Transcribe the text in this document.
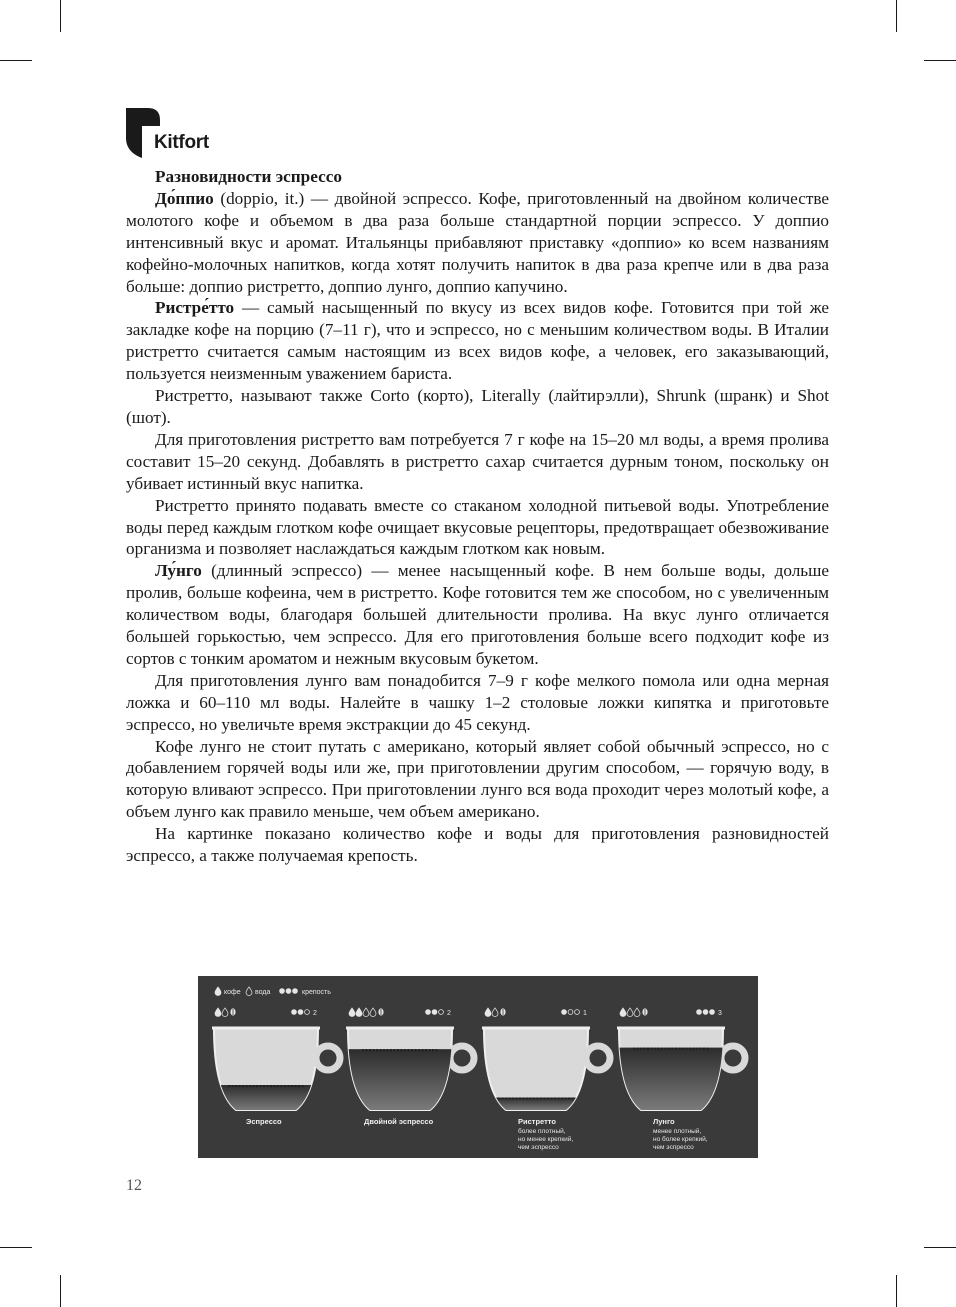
Kitfort
Разновидности эспрессо

До́ппио (doppio, it.) — двойной эспрессо. Кофе, приготовленный на двойном количестве молотого кофе и объемом в два раза больше стандартной порции эспрессо. У доппио интенсивный вкус и аромат. Итальянцы прибавляют приставку «доппио» ко всем названиям кофейно-молочных напитков, когда хотят получить напиток в два раза крепче или в два раза больше: доппио ристретто, доппио лунго, доппио капучино.

Ристре́тто — самый насыщенный по вкусу из всех видов кофе. Готовится при той же закладке кофе на порцию (7–11 г), что и эспрессо, но с меньшим количеством воды. В Италии ристретто считается самым настоящим из всех видов кофе, а человек, его заказывающий, пользуется неизменным уважением бариста.

Ристретто, называют также Corto (корто), Literally (лайтирэлли), Shrunk (шранк) и Shot (шот).

Для приготовления ристретто вам потребуется 7 г кофе на 15–20 мл воды, а время пролива составит 15–20 секунд. Добавлять в ристретто сахар считается дурным тоном, поскольку он убивает истинный вкус напитка.

Ристретто принято подавать вместе со стаканом холодной питьевой воды. Употребление воды перед каждым глотком кофе очищает вкусовые рецепторы, предотвращает обезвоживание организма и позволяет наслаждаться каждым глотком как новым.

Лу́нго (длинный эспрессо) — менее насыщенный кофе. В нем больше воды, дольше пролив, больше кофеина, чем в ристретто. Кофе готовится тем же способом, но с увеличенным количеством воды, благодаря большей длительности пролива. На вкус лунго отличается большей горькостью, чем эспрессо. Для его приготовления больше всего подходит кофе из сортов с тонким ароматом и нежным вкусовым букетом.

Для приготовления лунго вам понадобится 7–9 г кофе мелкого помола или одна мерная ложка и 60–110 мл воды. Налейте в чашку 1–2 столовые ложки кипятка и приготовьте эспрессо, но увеличьте время экстракции до 45 секунд.

Кофе лунго не стоит путать с американо, который являет собой обычный эспрессо, но с добавлением горячей воды или же, при приготовлении другим способом, — горячую воду, в которую вливают эспрессо. При приготовлении лунго вся вода проходит через молотый кофе, а объем лунго как правило меньше, чем объем американо.

На картинке показано количество кофе и воды для приготовления разновидностей эспрессо, а также получаемая крепость.

кофе вода	крепость
2
Эспрессо
2
Двойной эспрессо
1
Ристретто
более плотный,
но менее крепкий,
чем эспрессо
3
Лунго
менее плотный,
но более крепкий,
чем эспрессо
12
